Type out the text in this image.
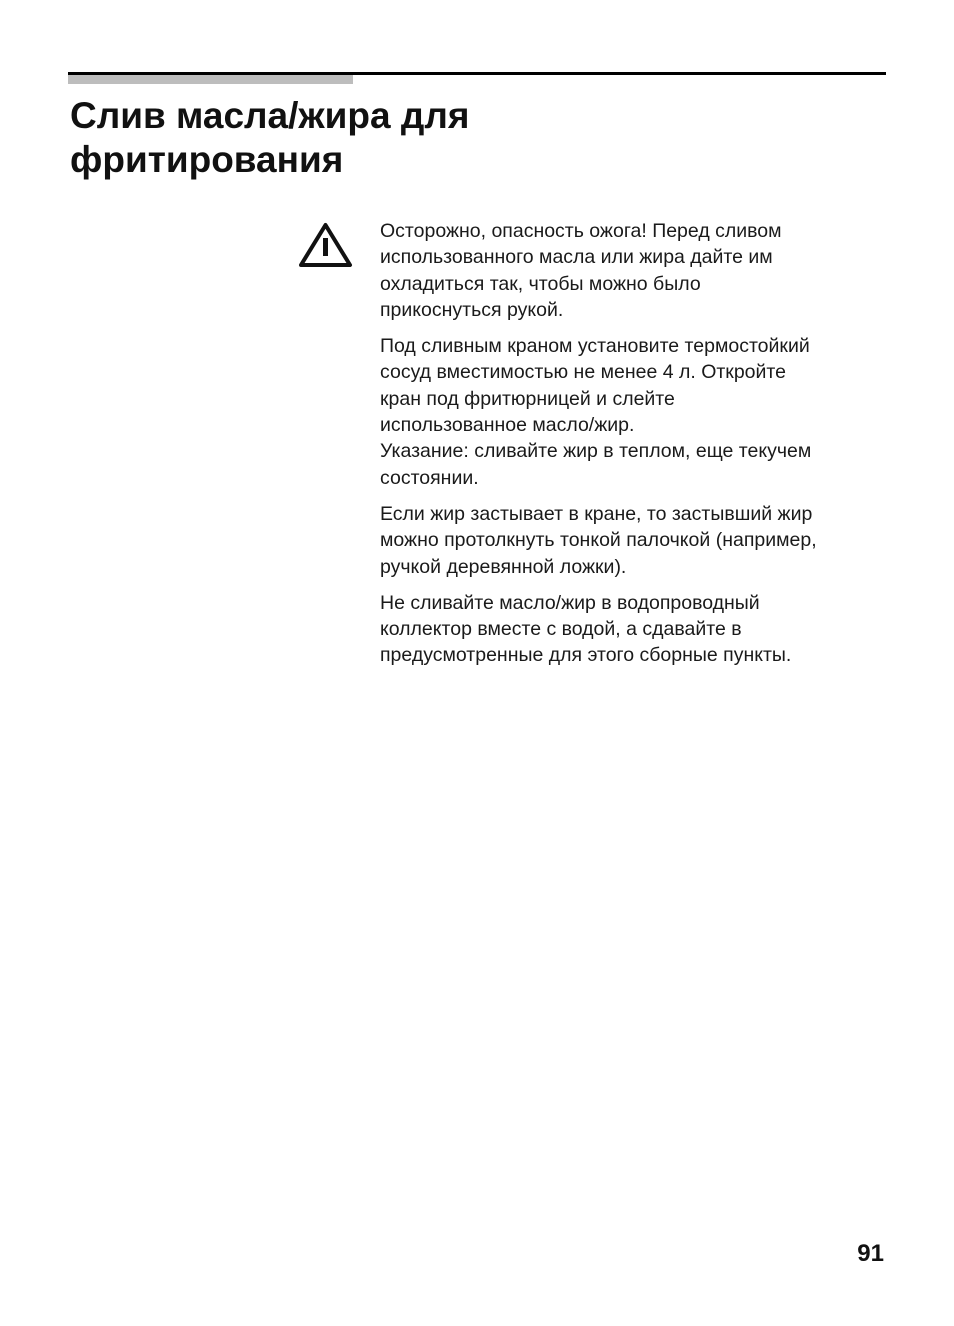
Слив масла/жира для
фритирования

Осторожно, опасность ожога! Перед сливом
использованного масла или жира дайте им
охладиться так, чтобы можно было
прикоснуться рукой.

Под сливным краном установите термостойкий
сосуд вместимостью не менее 4 л. Откройте
кран под фритюрницей и слейте
использованное масло/жир.
Указание: сливайте жир в теплом, еще текучем
состоянии.

Если жир застывает в кране, то застывший жир
можно протолкнуть тонкой палочкой (например,
ручкой деревянной ложки).

Не сливайте масло/жир в водопроводный
коллектор вместе с водой, а сдавайте в
предусмотренные для этого сборные пункты.

91
